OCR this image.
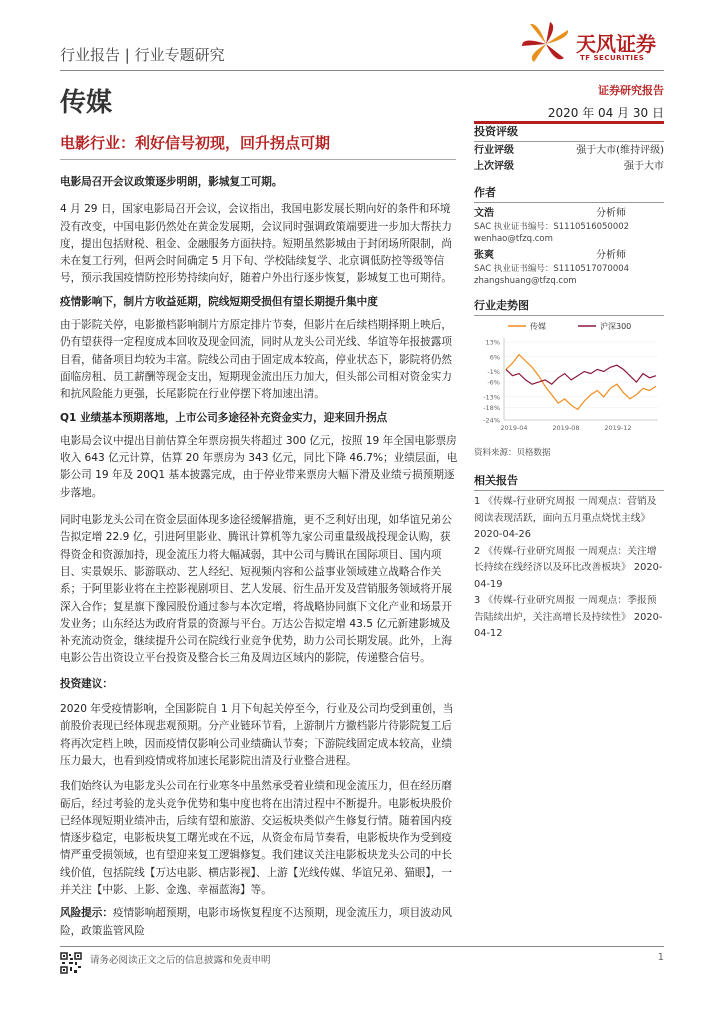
行业报告 | 行业专题研究	天风证券
TF SECURITIES
传媒	证券研究报告
2020 年 04 月 30 日
电影行业：利好信号初现，回升拐点可期

电影局召开会议政策逐步明朗，影城复工可期。

4 月 29 日，国家电影局召开会议，会议指出，我国电影发展长期向好的条件和环境没有改变，中国电影仍然处在黄金发展期，会议同时强调政策端要进一步加大帮扶力度，提出包括财税、租金、金融服务方面扶持。短期虽然影城由于封闭场所限制，尚未在复工行列，但两会时间确定 5 月下旬、学校陆续复学、北京调低防控等级等信号，预示我国疫情防控形势持续向好，随着户外出行逐步恢复，影城复工也可期待。

疫情影响下，制片方收益延期，院线短期受损但有望长期提升集中度

由于影院关停，电影撤档影响制片方原定排片节奏，但影片在后续档期择期上映后，仍有望获得一定程度成本回收及现金回流，同时从龙头公司光线、华谊等年报披露项目看，储备项目均较为丰富。院线公司由于固定成本较高，停业状态下，影院将仍然面临房租、员工薪酬等现金支出，短期现金流出压力加大，但头部公司相对资金实力和抗风险能力更强，长尾影院在行业停摆下将加速出清。

Q1 业绩基本预期落地，上市公司多途径补充资金实力，迎来回升拐点

电影局会议中提出目前估算全年票房损失将超过 300 亿元，按照 19 年全国电影票房收入 643 亿元计算，估算 20 年票房为 343 亿元，同比下降 46.7%；业绩层面，电影公司 19 年及 20Q1 基本披露完成，由于停业带来票房大幅下滑及业绩亏损预期逐步落地。

同时电影龙头公司在资金层面体现多途径缓解措施，更不乏利好出现，如华谊兄弟公告拟定增 22.9 亿，引进阿里影业、腾讯计算机等九家公司重量级战投现金认购，获得资金和资源加持，现金流压力将大幅减弱，其中公司与腾讯在国际项目、国内项目、实景娱乐、影游联动、艺人经纪、短视频内容和公益事业领域建立战略合作关系；于阿里影业将在主控影视剧项目、艺人发展、衍生品开发及营销服务领域将开展深入合作；复星旗下豫园股份通过参与本次定增，将战略协同旗下文化产业和场景开发业务；山东经达为政府背景的资源与平台。万达公告拟定增 43.5 亿元新建影城及补充流动资金，继续提升公司在院线行业竞争优势，助力公司长期发展。此外，上海电影公告出资设立平台投资及整合长三角及周边区域内的影院，传递整合信号。

投资建议：

2020 年受疫情影响，全国影院自 1 月下旬起关停至今，行业及公司均受到重创，当前股价表现已经体现悲观预期。分产业链环节看，上游制片方撤档影片待影院复工后将再次定档上映，因而疫情仅影响公司业绩确认节奏；下游院线固定成本较高，业绩压力最大，也看到疫情或将加速长尾影院出清及行业整合进程。

我们始终认为电影龙头公司在行业寒冬中虽然承受着业绩和现金流压力，但在经历磨砺后，经过考验的龙头竞争优势和集中度也将在出清过程中不断提升。电影板块股价已经体现短期业绩冲击，后续有望和旅游、交运板块类似产生修复行情。随着国内疫情逐步稳定，电影板块复工曙光或在不远，从资金布局节奏看，电影板块作为受到疫情严重受损领域，也有望迎来复工逻辑修复。我们建议关注电影板块龙头公司的中长线价值，包括院线【万达电影、横店影视】、上游【光线传媒、华谊兄弟、猫眼】，一并关注【中影、上影、金逸、幸福蓝海】等。

风险提示：疫情影响超预期，电影市场恢复程度不达预期，现金流压力，项目波动风险，政策监管风险

投资评级
行业评级	强于大市(维持评级)
上次评级	强于大市
作者
文浩	分析师
SAC 执业证书编号：S1110516050002
wenhao@tfzq.com
张爽	分析师
SAC 执业证书编号：S1110517070004
zhangshuang@tfzq.com
行业走势图
传媒	沪深300
13%
6%
-1%
-6%
-13%
-18%
-24%
2019-04	2019-08	2019-12
资料来源：贝格数据
相关报告

1 《传媒-行业研究周报 一周观点：营销及阅读表现活跃，面向五月重点烧忧主线》 2020-04-26

2 《传媒-行业研究周报 一周观点：关注增长持续在线经济以及环比改善板块》 2020-04-19

3 《传媒-行业研究周报 一周观点：季报预告陆续出炉，关注高增长及持续性》 2020-04-12

请务必阅读正文之后的信息披露和免责申明	1
